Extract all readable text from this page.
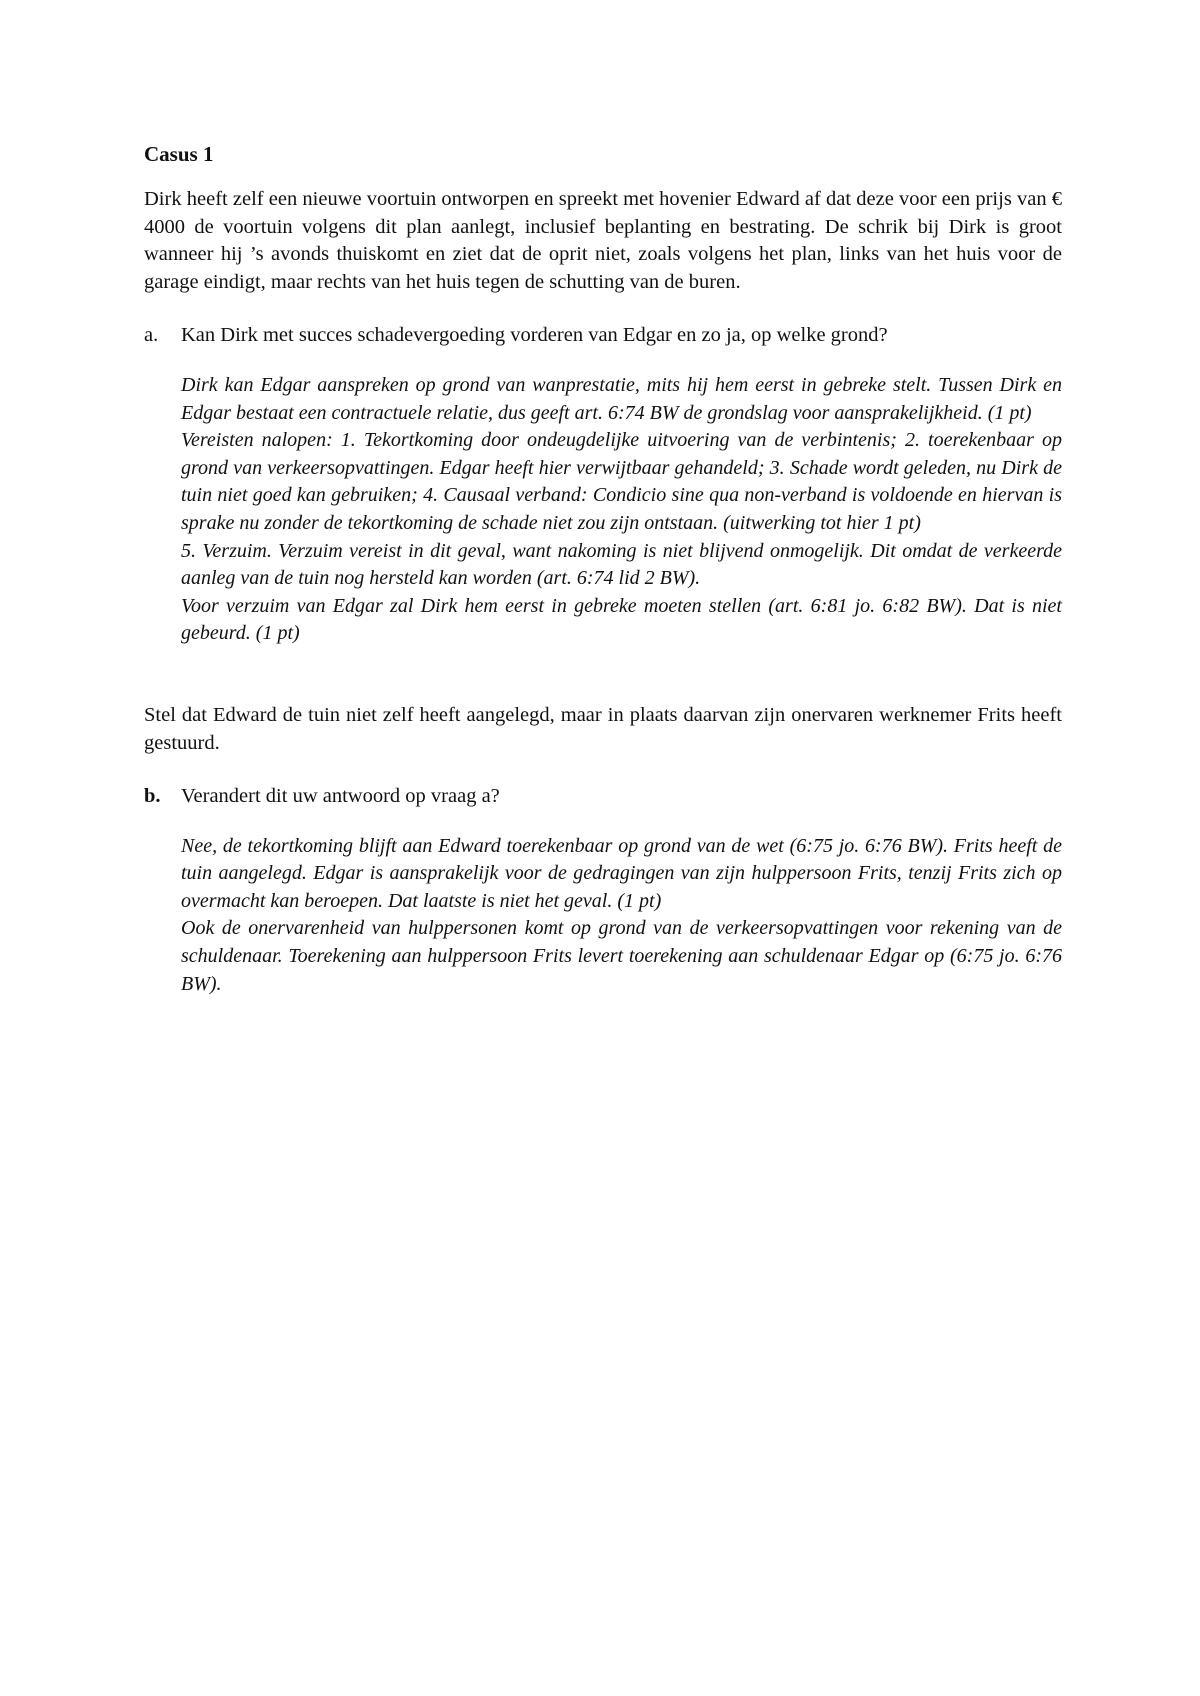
Casus 1

Dirk heeft zelf een nieuwe voortuin ontworpen en spreekt met hovenier Edward af dat deze voor een prijs van € 4000 de voortuin volgens dit plan aanlegt, inclusief beplanting en bestrating. De schrik bij Dirk is groot wanneer hij ’s avonds thuiskomt en ziet dat de oprit niet, zoals volgens het plan, links van het huis voor de garage eindigt, maar rechts van het huis tegen de schutting van de buren.

a.	Kan Dirk met succes schadevergoeding vorderen van Edgar en zo ja, op welke grond?

Dirk kan Edgar aanspreken op grond van wanprestatie, mits hij hem eerst in gebreke stelt. Tussen Dirk en Edgar bestaat een contractuele relatie, dus geeft art. 6:74 BW de grondslag voor aansprakelijkheid. (1 pt)

Vereisten nalopen: 1. Tekortkoming door ondeugdelijke uitvoering van de verbintenis; 2. toerekenbaar op grond van verkeersopvattingen. Edgar heeft hier verwijtbaar gehandeld; 3. Schade wordt geleden, nu Dirk de tuin niet goed kan gebruiken; 4. Causaal verband: Condicio sine qua non-verband is voldoende en hiervan is sprake nu zonder de tekortkoming de schade niet zou zijn ontstaan. (uitwerking tot hier 1 pt)

5. Verzuim. Verzuim vereist in dit geval, want nakoming is niet blijvend onmogelijk. Dit omdat de verkeerde aanleg van de tuin nog hersteld kan worden (art. 6:74 lid 2 BW).

Voor verzuim van Edgar zal Dirk hem eerst in gebreke moeten stellen (art. 6:81 jo. 6:82 BW). Dat is niet gebeurd. (1 pt)

Stel dat Edward de tuin niet zelf heeft aangelegd, maar in plaats daarvan zijn onervaren werknemer Frits heeft gestuurd.

b. Verandert dit uw antwoord op vraag a?

Nee, de tekortkoming blijft aan Edward toerekenbaar op grond van de wet (6:75 jo. 6:76 BW). Frits heeft de tuin aangelegd. Edgar is aansprakelijk voor de gedragingen van zijn hulppersoon Frits, tenzij Frits zich op overmacht kan beroepen. Dat laatste is niet het geval. (1 pt)

Ook de onervarenheid van hulppersonen komt op grond van de verkeersopvattingen voor rekening van de schuldenaar. Toerekening aan hulppersoon Frits levert toerekening aan schuldenaar Edgar op (6:75 jo. 6:76 BW).
